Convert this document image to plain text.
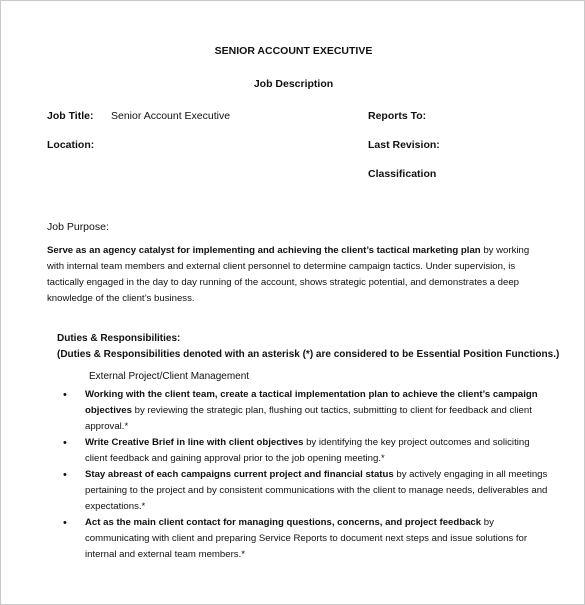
SENIOR ACCOUNT EXECUTIVE
Job Description
Job Title: Senior Account Executive	Reports To:
Location:	Last Revision:
Classification
Job Purpose:
Serve as an agency catalyst for implementing and achieving the client’s tactical marketing plan by working with internal team members and external client personnel to determine campaign tactics. Under supervision, is tactically engaged in the day to day running of the account, shows strategic potential, and demonstrates a deep knowledge of the client’s business.
Duties & Responsibilities:
(Duties & Responsibilities denoted with an asterisk (*) are considered to be Essential Position Functions.)
External Project/Client Management
• Working with the client team, create a tactical implementation plan to achieve the client’s campaign objectives by reviewing the strategic plan, flushing out tactics, submitting to client for feedback and client approval.*
• Write Creative Brief in line with client objectives by identifying the key project outcomes and soliciting client feedback and gaining approval prior to the job opening meeting.*
• Stay abreast of each campaigns current project and financial status by actively engaging in all meetings pertaining to the project and by consistent communications with the client to manage needs, deliverables and expectations.*
• Act as the main client contact for managing questions, concerns, and project feedback by communicating with client and preparing Service Reports to document next steps and issue solutions for internal and external team members.*
